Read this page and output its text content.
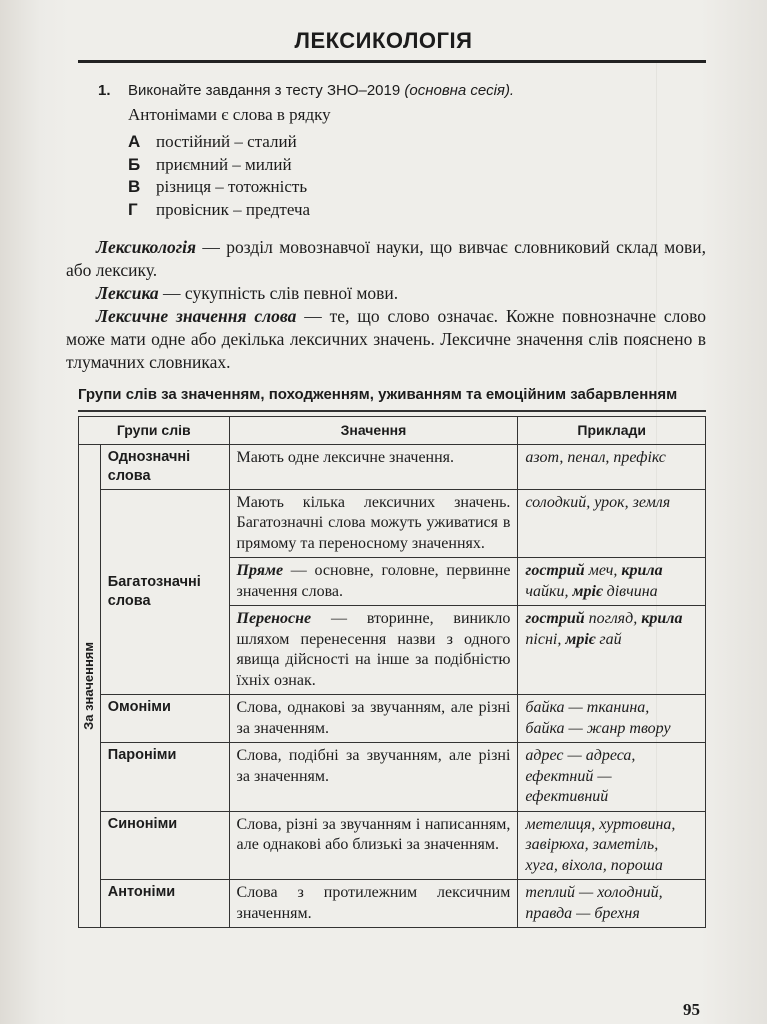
ЛЕКСИКОЛОГІЯ
1. Виконайте завдання з тесту ЗНО–2019 (основна сесія).
Антонімами є слова в рядку
А постійний – сталий
Б приємний – милий
В різниця – тотожність
Г провісник – предтеча

Лексикологія — розділ мовознавчої науки, що вивчає словниковий склад мови, або лексику.

Лексика — сукупність слів певної мови.

Лексичне значення слова — те, що слово означає. Кожне повнозначне слово може мати одне або декілька лексичних значень. Лексичне значення слів пояснено в тлумачних словниках.

Групи слів за значенням, походженням, уживанням та емоційним забарвленням
Групи слів		Значення	Приклади

За значенням	Однозначні слова	Мають одне лексичне значення.	азот, пенал, префікс
	Багатозначні слова	Мають кілька лексичних значень. Багатозначні слова можуть уживатися в прямому та переносному значеннях.	солодкий, урок, земля
		Пряме — основне, головне, первинне значення слова.	гострий меч, крила чайки, мріє дівчина
		Переносне — вторинне, виникло шляхом перенесення назви з одного явища дійсності на інше за подібністю їхніх ознак.	гострий погляд, крила пісні, мріє гай
	Омоніми	Слова, однакові за звучанням, але різні за значенням.	байка — тканина,
байка — жанр твору

	Пароніми	Слова, подібні за звучанням, але різні за значенням.	адрес — адреса,
ефектний — ефективний

	Синоніми	Слова, різні за звучанням і написанням, але однакові або близькі за значенням.	метелиця, хуртовина,
завірюха, заметіль,
хуга, віхола, пороша

	Антоніми	Слова з протилежним лексичним значенням.	теплий — холодний,
правда — брехня
95
